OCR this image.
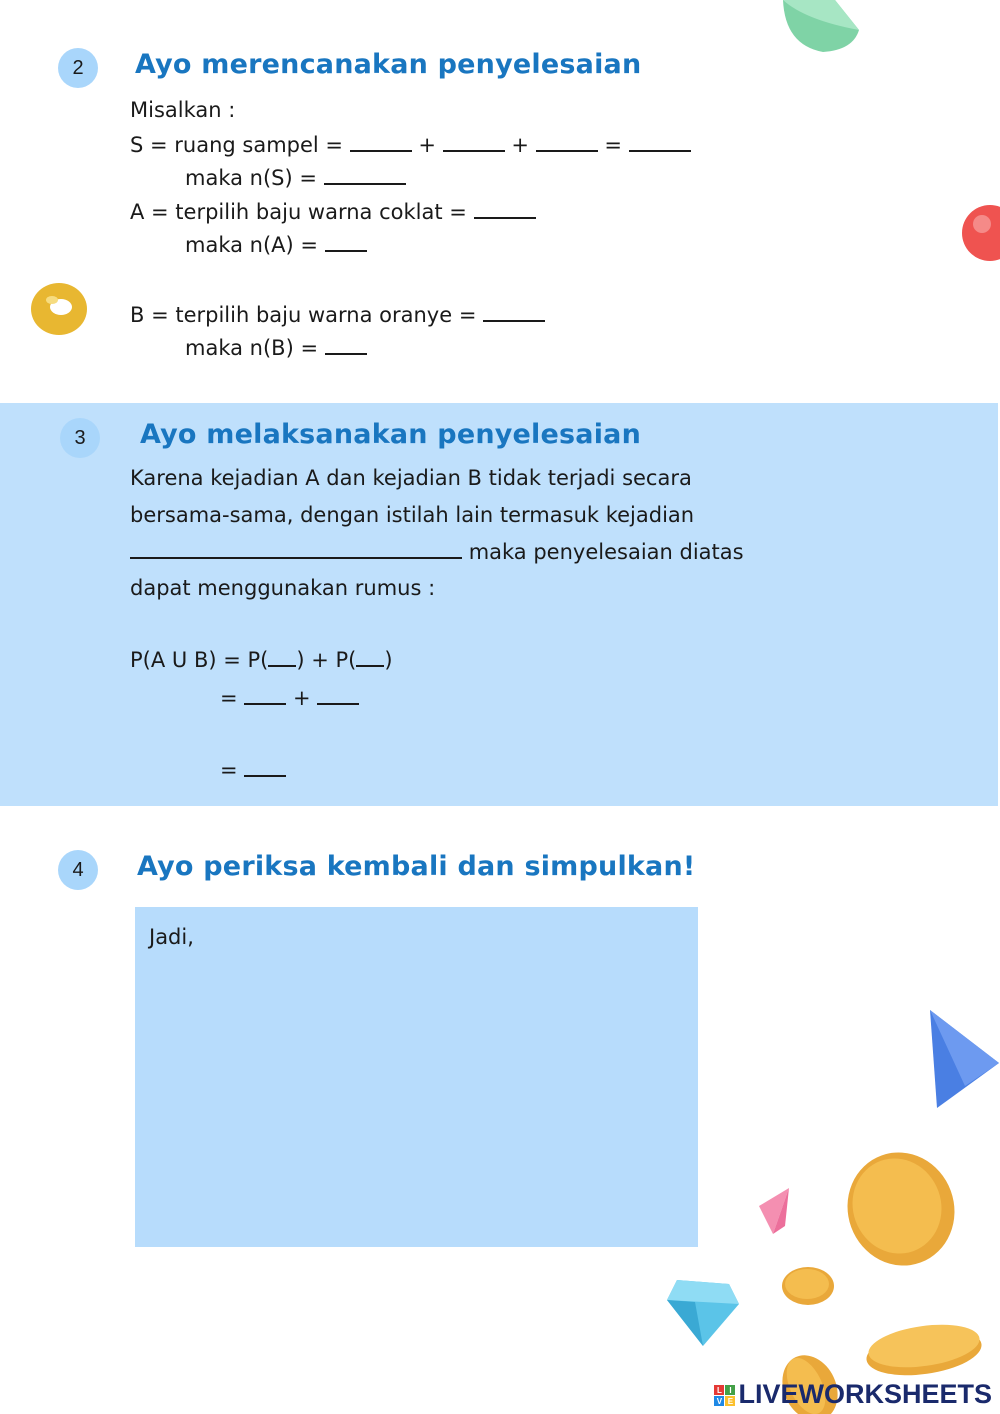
2	Ayo merencanakan penyelesaian
Misalkan :
S = ruang sampel =	+	+	=
maka n(S) =
A = terpilih baju warna coklat =
maka n(A) =
B = terpilih baju warna oranye =
maka n(B) =
3	Ayo melaksanakan penyelesaian
Karena kejadian A dan kejadian B tidak terjadi secara
bersama-sama, dengan istilah lain termasuk kejadian
maka penyelesaian diatas
dapat menggunakan rumus :
P(A U B) = P( ) + P( )
=	+
=
4	Ayo periksa kembali dan simpulkan!
Jadi,
L I
V E LIVEWORKSHEETS
